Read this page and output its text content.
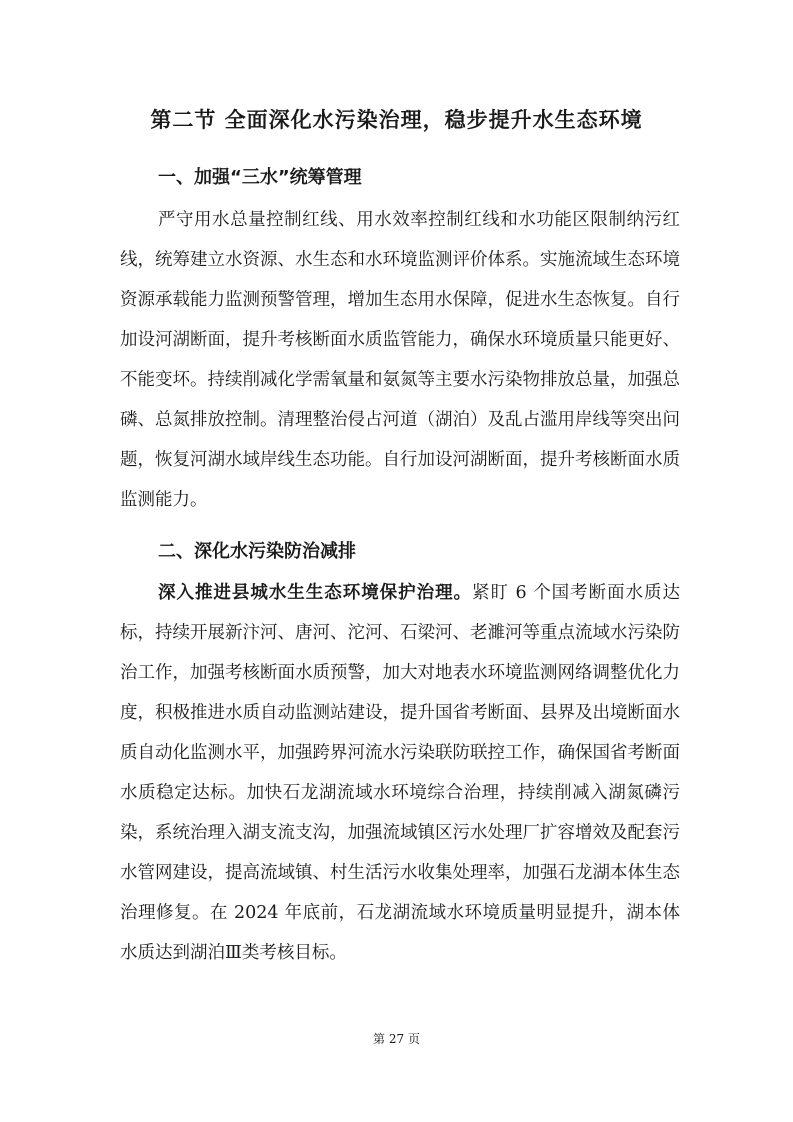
第二节 全面深化水污染治理，稳步提升水生态环境
一、加强“三水”统筹管理

严守用水总量控制红线、用水效率控制红线和水功能区限制纳污红线，统筹建立水资源、水生态和水环境监测评价体系。实施流域生态环境资源承载能力监测预警管理，增加生态用水保障，促进水生态恢复。自行加设河湖断面，提升考核断面水质监管能力，确保水环境质量只能更好、不能变坏。持续削减化学需氧量和氨氮等主要水污染物排放总量，加强总磷、总氮排放控制。清理整治侵占河道（湖泊）及乱占滥用岸线等突出问题，恢复河湖水域岸线生态功能。自行加设河湖断面，提升考核断面水质监测能力。

二、深化水污染防治减排

深入推进县城水生生态环境保护治理。紧盯 6 个国考断面水质达标，持续开展新汴河、唐河、沱河、石梁河、老濉河等重点流域水污染防治工作，加强考核断面水质预警，加大对地表水环境监测网络调整优化力度，积极推进水质自动监测站建设，提升国省考断面、县界及出境断面水质自动化监测水平，加强跨界河流水污染联防联控工作，确保国省考断面水质稳定达标。加快石龙湖流域水环境综合治理，持续削减入湖氮磷污染，系统治理入湖支流支沟，加强流域镇区污水处理厂扩容增效及配套污水管网建设，提高流域镇、村生活污水收集处理率，加强石龙湖本体生态治理修复。在 2024 年底前，石龙湖流域水环境质量明显提升，湖本体水质达到湖泊Ⅲ类考核目标。

第 27 页
